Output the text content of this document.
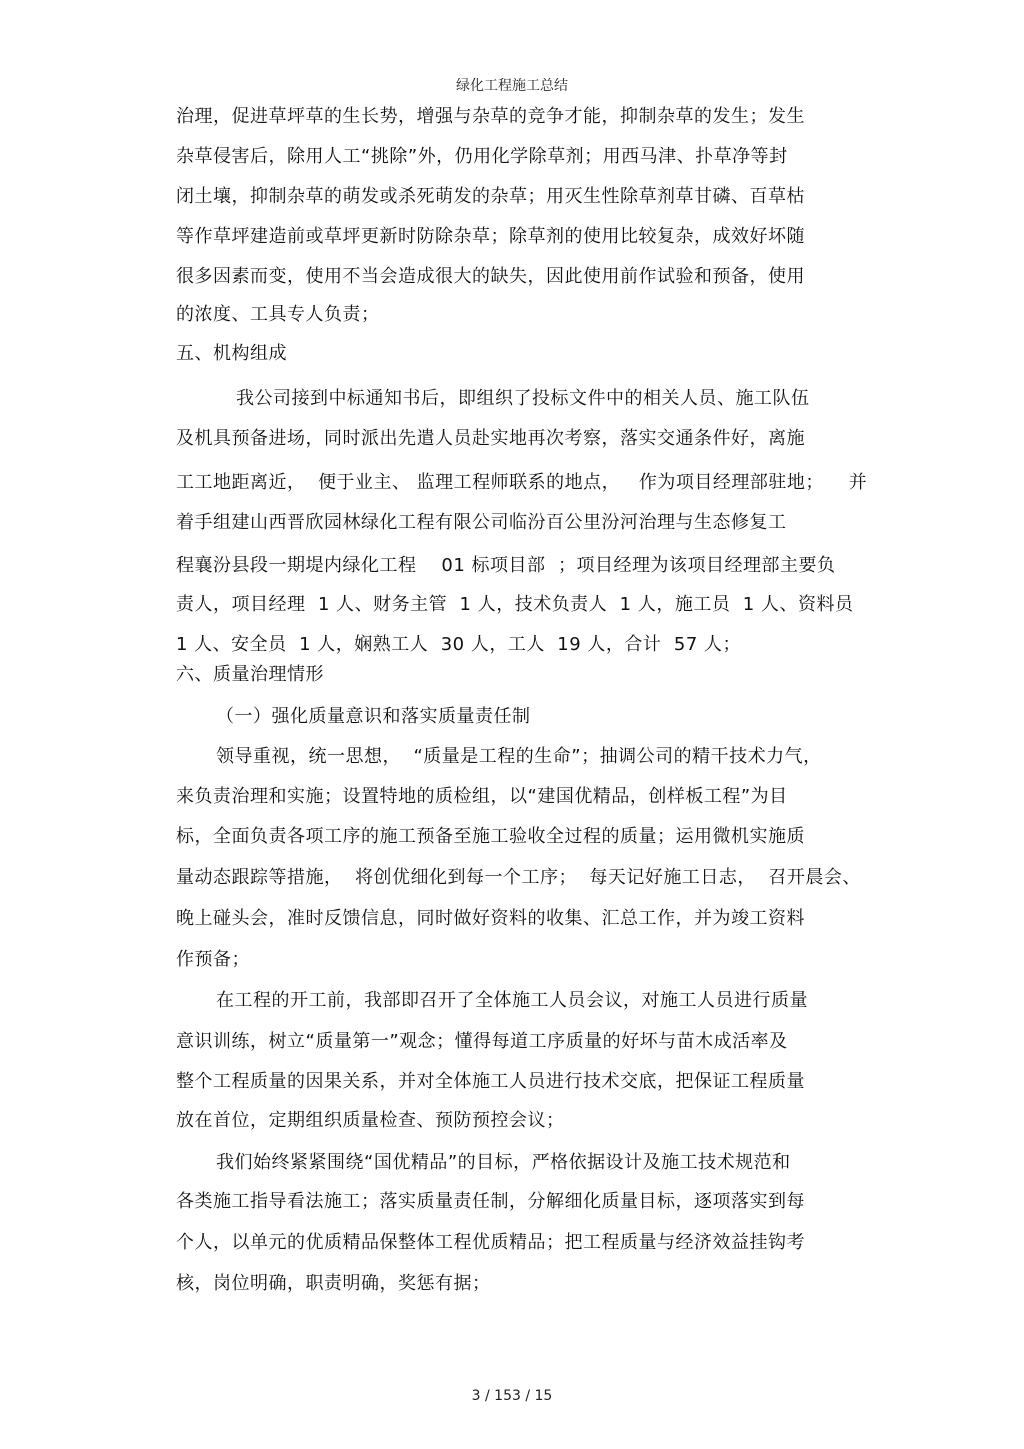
绿化工程施工总结
治理，促进草坪草的生长势，增强与杂草的竞争才能，抑制杂草的发生；发生
杂草侵害后，除用人工“挑除”外，仍用化学除草剂；用西马津、扑草净等封
闭土壤，抑制杂草的萌发或杀死萌发的杂草；用灭生性除草剂草甘磷、百草枯
等作草坪建造前或草坪更新时防除杂草；除草剂的使用比较复杂，成效好坏随
很多因素而变，使用不当会造成很大的缺失，因此使用前作试验和预备，使用
的浓度、工具专人负责；
五、机构组成
我公司接到中标通知书后，即组织了投标文件中的相关人员、施工队伍
及机具预备进场，同时派出先遣人员赴实地再次考察，落实交通条件好，离施
工工地距离近，  便于业主、 监理工程师联系的地点，   作为项目经理部驻地；    并
着手组建山西晋欣园林绿化工程有限公司临汾百公里汾河治理与生态修复工
程襄汾县段一期堤内绿化工程    01 标项目部  ；项目经理为该项目经理部主要负
责人，项目经理  1 人、财务主管  1 人，技术负责人  1 人，施工员  1 人、资料员
1 人、安全员  1 人，娴熟工人  30 人，工人  19 人，合计  57 人；
六、质量治理情形
（一）强化质量意识和落实质量责任制
领导重视，统一思想，  “质量是工程的生命”；抽调公司的精干技术力气，
来负责治理和实施；设置特地的质检组，以“建国优精品，创样板工程”为目
标，全面负责各项工序的施工预备至施工验收全过程的质量；运用微机实施质
量动态跟踪等措施，  将创优细化到每一个工序；  每天记好施工日志，  召开晨会、
晚上碰头会，准时反馈信息，同时做好资料的收集、汇总工作，并为竣工资料
作预备；
在工程的开工前，我部即召开了全体施工人员会议，对施工人员进行质量
意识训练，树立“质量第一”观念；懂得每道工序质量的好坏与苗木成活率及
整个工程质量的因果关系，并对全体施工人员进行技术交底，把保证工程质量
放在首位，定期组织质量检查、预防预控会议；
我们始终紧紧围绕“国优精品”的目标，严格依据设计及施工技术规范和
各类施工指导看法施工；落实质量责任制，分解细化质量目标，逐项落实到每
个人，以单元的优质精品保整体工程优质精品；把工程质量与经济效益挂钩考
核，岗位明确，职责明确，奖惩有据；
3 / 153 / 15
